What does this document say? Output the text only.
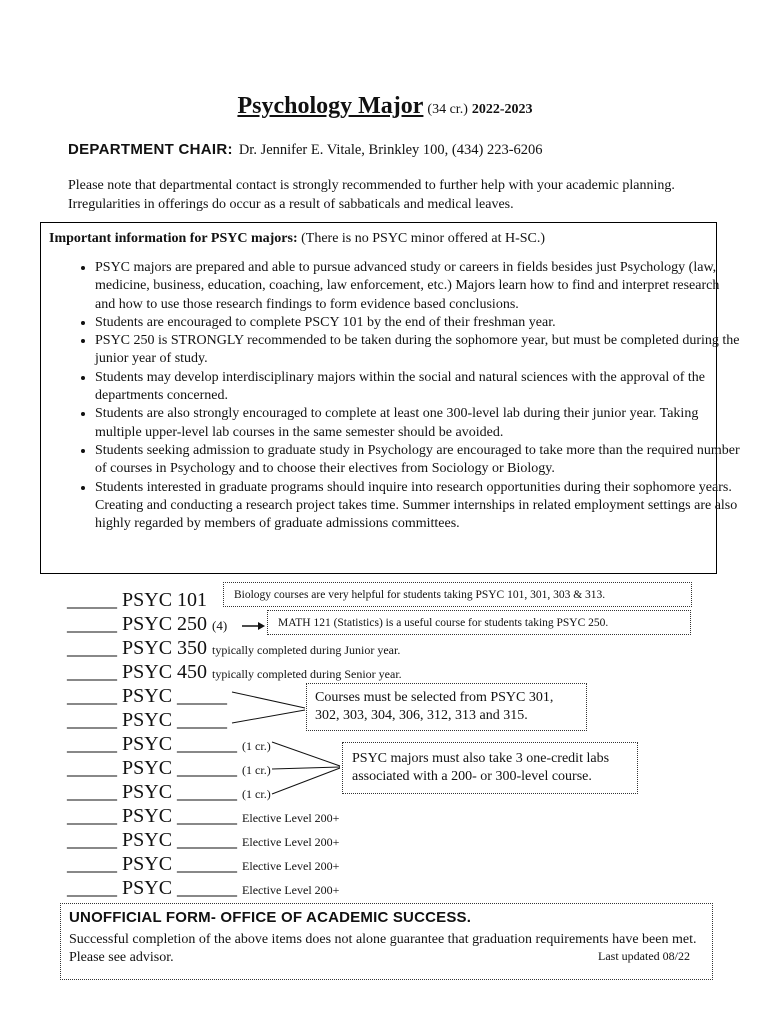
Psychology Major (34 cr.) 2022-2023
DEPARTMENT CHAIR: Dr. Jennifer E. Vitale, Brinkley 100, (434) 223-6206
Please note that departmental contact is strongly recommended to further help with your academic planning. Irregularities in offerings do occur as a result of sabbaticals and medical leaves.
Important information for PSYC majors: (There is no PSYC minor offered at H-SC.)
• PSYC majors are prepared and able to pursue advanced study or careers in fields besides just Psychology (law, medicine, business, education, coaching, law enforcement, etc.) Majors learn how to find and interpret research and how to use those research findings to form evidence based conclusions.
• Students are encouraged to complete PSCY 101 by the end of their freshman year.
• PSYC 250 is STRONGLY recommended to be taken during the sophomore year, but must be completed during the junior year of study.
• Students may develop interdisciplinary majors within the social and natural sciences with the approval of the departments concerned.
• Students are also strongly encouraged to complete at least one 300-level lab during their junior year. Taking multiple upper-level lab courses in the same semester should be avoided.
• Students seeking admission to graduate study in Psychology are encouraged to take more than the required number of courses in Psychology and to choose their electives from Sociology or Biology.
• Students interested in graduate programs should inquire into research opportunities during their sophomore years. Creating and conducting a research project takes time. Summer internships in related employment settings are also highly regarded by members of graduate admissions committees.
_____ PSYC 101
_____ PSYC 250 (4)
_____ PSYC 350 typically completed during Junior year.
_____ PSYC 450 typically completed during Senior year.
_____ PSYC _____
_____ PSYC _____
_____ PSYC ______ (1 cr.)
_____ PSYC ______ (1 cr.)
_____ PSYC ______ (1 cr.)
_____ PSYC ______ Elective Level 200+
_____ PSYC ______ Elective Level 200+
_____ PSYC ______ Elective Level 200+
_____ PSYC ______ Elective Level 200+
Biology courses are very helpful for students taking PSYC 101, 301, 303 & 313.
MATH 121 (Statistics) is a useful course for students taking PSYC 250.
Courses must be selected from PSYC 301, 302, 303, 304, 306, 312, 313 and 315.
PSYC majors must also take 3 one-credit labs associated with a 200- or 300-level course.
UNOFFICIAL FORM- OFFICE OF ACADEMIC SUCCESS.
Successful completion of the above items does not alone guarantee that graduation requirements have been met. Please see advisor.	Last updated 08/22
